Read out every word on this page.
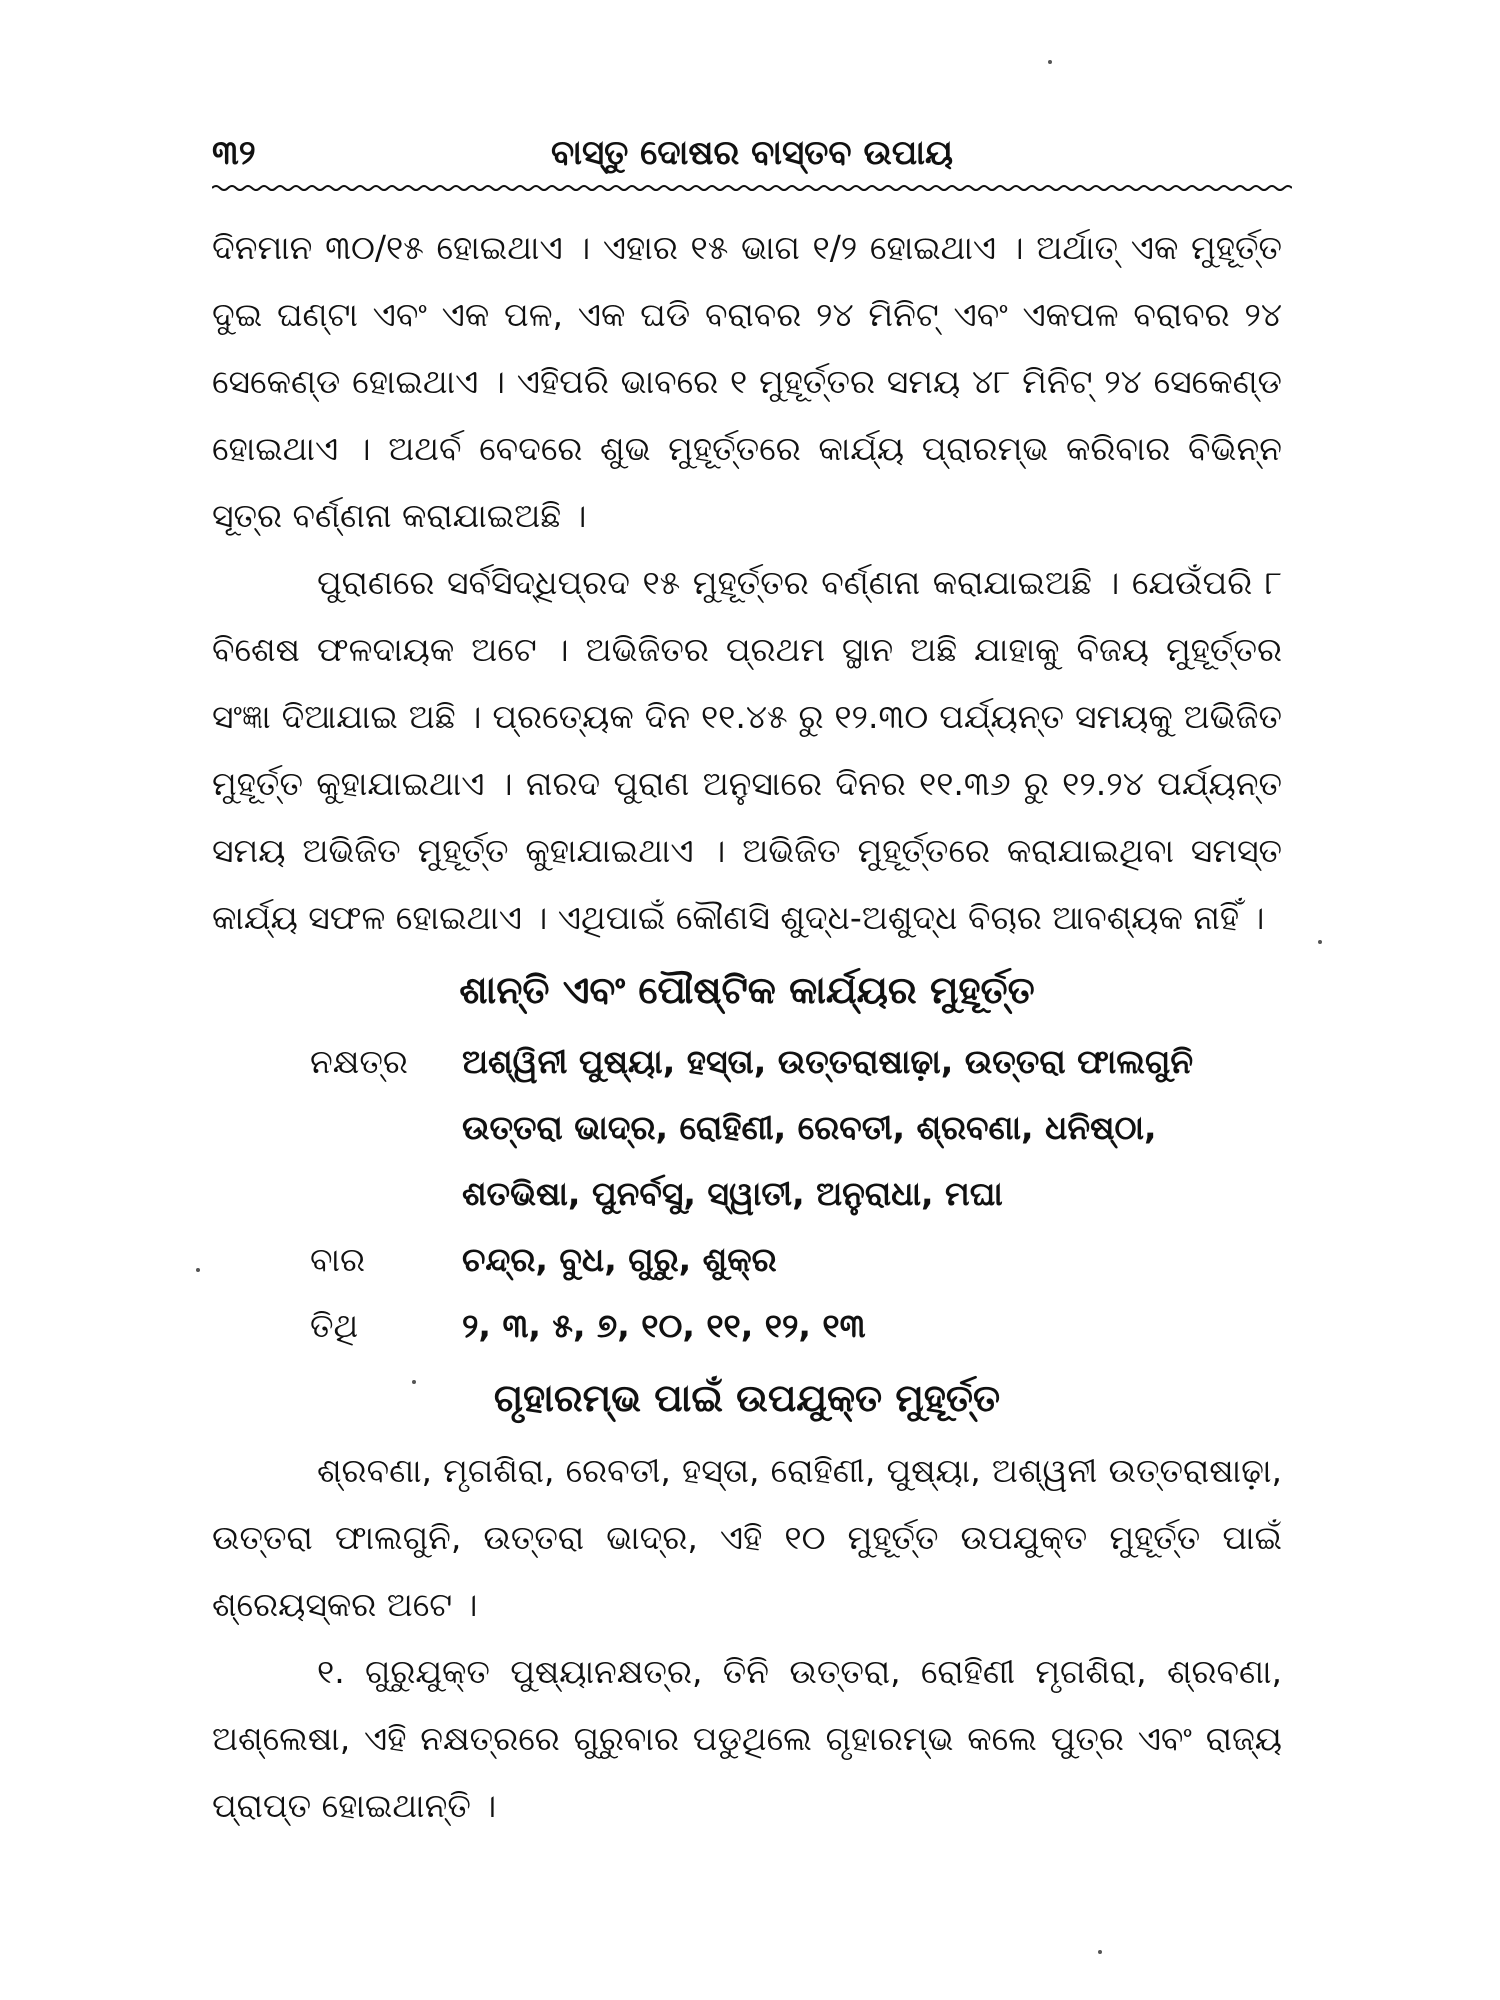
୩୨	ବାସ୍ତୁ ଦୋଷର ବାସ୍ତବ ଉପାୟ

ଦିନମାନ ୩୦/୧୫ ହୋଇଥାଏ । ଏହାର ୧୫ ଭାଗ ୧/୨ ହୋଇଥାଏ । ଅର୍ଥାତ୍ ଏକ ମୁହୂର୍ତ୍ତ ଦୁଇ ଘଣ୍ଟା ଏବଂ ଏକ ପଳ, ଏକ ଘଡି ବରାବର ୨୪ ମିନିଟ୍ ଏବଂ ଏକପଳ ବରାବର ୨୪ ସେକେଣ୍ଡ ହୋଇଥାଏ । ଏହିପରି ଭାବରେ ୧ ମୁହୂର୍ତ୍ତର ସମୟ ୪୮ ମିନିଟ୍ ୨୪ ସେକେଣ୍ଡ ହୋଇଥାଏ । ଅଥର୍ବ ବେଦରେ ଶୁଭ ମୁହୂର୍ତ୍ତରେ କାର୍ଯ୍ୟ ପ୍ରାରମ୍ଭ କରିବାର ବିଭିନ୍ନ ସୂତ୍ର ବର୍ଣ୍ଣନା କରାଯାଇଅଛି ।

ପୁରାଣରେ ସର୍ବସିଦ୍ଧିପ୍ରଦ ୧୫ ମୁହୂର୍ତ୍ତର ବର୍ଣ୍ଣନା କରାଯାଇଅଛି । ଯେଉଁପରି ୮ ବିଶେଷ ଫଳଦାୟକ ଅଟେ । ଅଭିଜିତର ପ୍ରଥମ ସ୍ଥାନ ଅଛି ଯାହାକୁ ବିଜୟ ମୁହୂର୍ତ୍ତର ସଂଜ୍ଞା ଦିଆଯାଇ ଅଛି । ପ୍ରତ୍ୟେକ ଦିନ ୧୧.୪୫ ରୁ ୧୨.୩୦ ପର୍ଯ୍ୟନ୍ତ ସମୟକୁ ଅଭିଜିତ ମୁହୂର୍ତ୍ତ କୁହାଯାଇଥାଏ । ନାରଦ ପୁରାଣ ଅନୁସାରେ ଦିନର ୧୧.୩୬ ରୁ ୧୨.୨୪ ପର୍ଯ୍ୟନ୍ତ ସମୟ ଅଭିଜିତ ମୁହୂର୍ତ୍ତ କୁହାଯାଇଥାଏ । ଅଭିଜିତ ମୁହୂର୍ତ୍ତରେ କରାଯାଇଥିବା ସମସ୍ତ କାର୍ଯ୍ୟ ସଫଳ ହୋଇଥାଏ । ଏଥିପାଇଁ କୌଣସି ଶୁଦ୍ଧ-ଅଶୁଦ୍ଧ ବିଚାର ଆବଶ୍ୟକ ନାହିଁ ।

ଶାନ୍ତି ଏବଂ ପୌଷ୍ଟିକ କାର୍ଯ୍ୟର ମୁହୂର୍ତ୍ତ
ନକ୍ଷତ୍ର	ଅଶ୍ୱିନୀ ପୁଷ୍ୟା, ହସ୍ତା, ଉତ୍ତରାଷାଢ଼ା, ଉତ୍ତରା ଫାଲଗୁନି
ଉତ୍ତରା ଭାଦ୍ର, ରୋହିଣୀ, ରେବତୀ, ଶ୍ରବଣା, ଧନିଷ୍ଠା,
ଶତଭିଷା, ପୁନର୍ବସୁ, ସ୍ୱାତୀ, ଅନୁରାଧା, ମଘା
ବାର	ଚନ୍ଦ୍ର, ବୁଧ, ଗୁରୁ, ଶୁକ୍ର
ତିଥି	୨, ୩, ୫, ୭, ୧୦, ୧୧, ୧୨, ୧୩
ଗୃହାରମ୍ଭ ପାଇଁ ଉପଯୁକ୍ତ ମୁହୂର୍ତ୍ତ

ଶ୍ରବଣା, ମୃଗଶିରା, ରେବତୀ, ହସ୍ତା, ରୋହିଣୀ, ପୁଷ୍ୟା, ଅଶ୍ୱନୀ ଉତ୍ତରାଷାଢ଼ା, ଉତ୍ତରା ଫାଲଗୁନି, ଉତ୍ତରା ଭାଦ୍ର, ଏହି ୧୦ ମୁହୂର୍ତ୍ତ ଉପଯୁକ୍ତ ମୁହୂର୍ତ୍ତ ପାଇଁ ଶ୍ରେୟସ୍କର ଅଟେ ।

୧. ଗୁରୁଯୁକ୍ତ ପୁଷ୍ୟାନକ୍ଷତ୍ର, ତିନି ଉତ୍ତରା, ରୋହିଣୀ ମୃଗଶିରା, ଶ୍ରବଣା, ଅଶ୍ଲେଷା, ଏହି ନକ୍ଷତ୍ରରେ ଗୁରୁବାର ପଡୁଥିଲେ ଗୃହାରମ୍ଭ କଲେ ପୁତ୍ର ଏବଂ ରାଜ୍ୟ ପ୍ରାପ୍ତ ହୋଇଥାନ୍ତି ।
